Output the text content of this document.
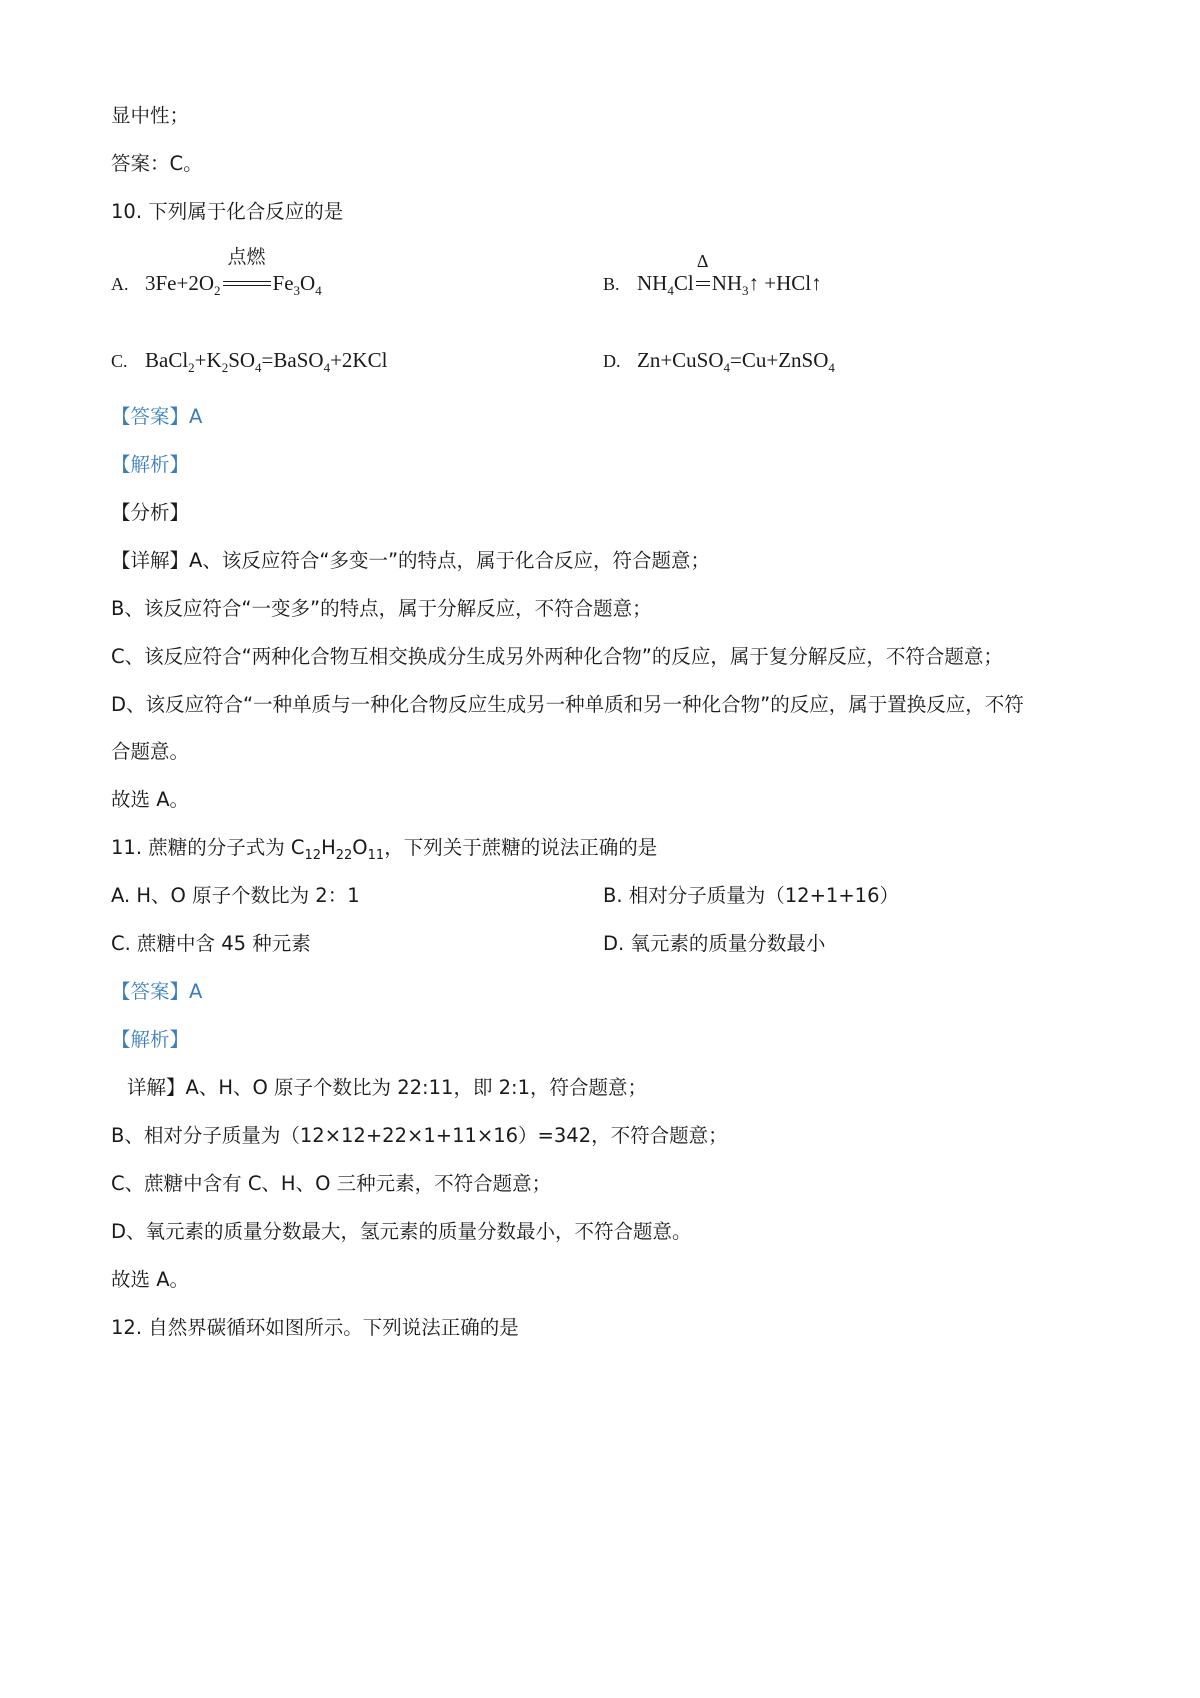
显中性；
答案：C。
10. 下列属于化合反应的是
A. $3Fe+2O_2$
点燃
$Fe_3O_4$	B. $NH_4Cl$
Δ
$NH_3↑$ +HCl↑
C. $BaCl_2+K_2SO_4=BaSO_4+2KCl$	D. Zn+CuSO$_4$=Cu+ZnSO$_4$
【答案】A
【解析】
【分析】
【详解】A、该反应符合“多变一”的特点，属于化合反应，符合题意；
B、该反应符合“一变多”的特点，属于分解反应，不符合题意；
C、该反应符合“两种化合物互相交换成分生成另外两种化合物”的反应，属于复分解反应，不符合题意；
D、该反应符合“一种单质与一种化合物反应生成另一种单质和另一种化合物”的反应，属于置换反应，不符
合题意。
故选 A。
11. 蔗糖的分子式为 $C_{12}H_{22}O_{11}$，下列关于蔗糖的说法正确的是
A. H、O 原子个数比为 2：1	B. 相对分子质量为（12+1+16）
C. 蔗糖中含 45 种元素	D. 氧元素的质量分数最小
【答案】A
【解析】
详解】A、H、O 原子个数比为 22:11，即 2:1，符合题意；
B、相对分子质量为（12×12+22×1+11×16）=342，不符合题意；
C、蔗糖中含有 C、H、O 三种元素，不符合题意；
D、氧元素的质量分数最大，氢元素的质量分数最小，不符合题意。
故选 A。
12. 自然界碳循环如图所示。下列说法正确的是
